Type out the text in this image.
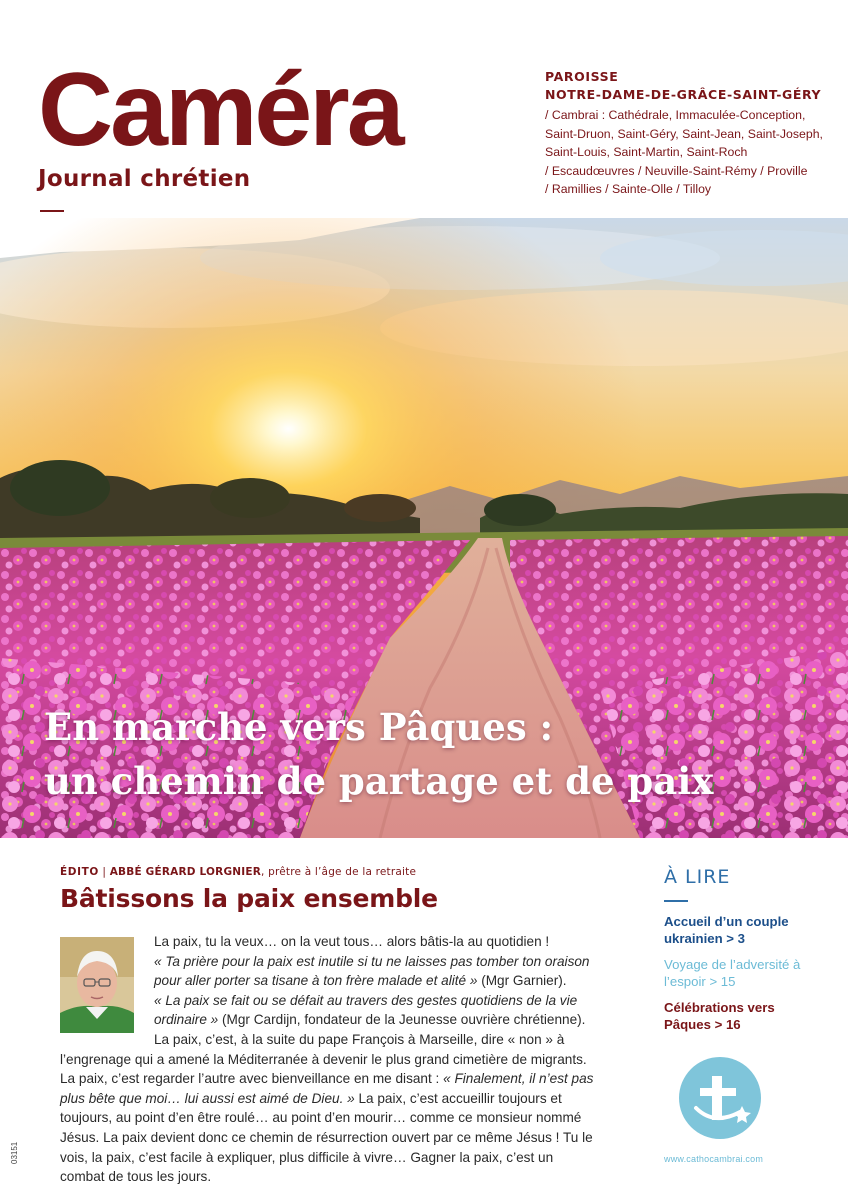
Caméra
Journal chrétien
PAROISSE
NOTRE-DAME-DE-GRÂCE-SAINT-GÉRY
/ Cambrai : Cathédrale, Immaculée-Conception,
Saint-Druon, Saint-Géry, Saint-Jean, Saint-Joseph,
Saint-Louis, Saint-Martin, Saint-Roch
/ Escaudœuvres / Neuville-Saint-Rémy / Proville
/ Ramillies / Sainte-Olle / Tilloy
En marche vers Pâques :
un chemin de partage et de paix
ÉDITO | ABBÉ GÉRARD LORGNIER, prêtre à l’âge de la retraite
Bâtissons la paix ensemble

La paix, tu la veux… on la veut tous… alors bâtis-la au quotidien !

« Ta prière pour la paix est inutile si tu ne laisses pas tomber ton oraison pour aller porter sa tisane à ton frère malade et alité » (Mgr Garnier).

« La paix se fait ou se défait au travers des gestes quotidiens de la vie ordinaire » (Mgr Cardijn, fondateur de la Jeunesse ouvrière chrétienne).

La paix, c’est, à la suite du pape François à Marseille, dire « non » à l’engrenage qui a amené la Méditerranée à devenir le plus grand cimetière de migrants.

La paix, c’est regarder l’autre avec bienveillance en me disant : « Finalement, il n’est pas plus bête que moi… lui aussi est aimé de Dieu. » La paix, c’est accueillir toujours et toujours, au point d’en être roulé… au point d’en mourir… comme ce monsieur nommé Jésus. La paix devient donc ce chemin de résurrection ouvert par ce même Jésus ! Tu le vois, la paix, c’est facile à expliquer, plus difficile à vivre… Gagner la paix, c’est un combat de tous les jours.

À LIRE
Accueil d’un couple ukrainien > 3
Voyage de l’adversité à l’espoir > 15
Célébrations vers Pâques > 16
www.cathocambrai.com
03151
